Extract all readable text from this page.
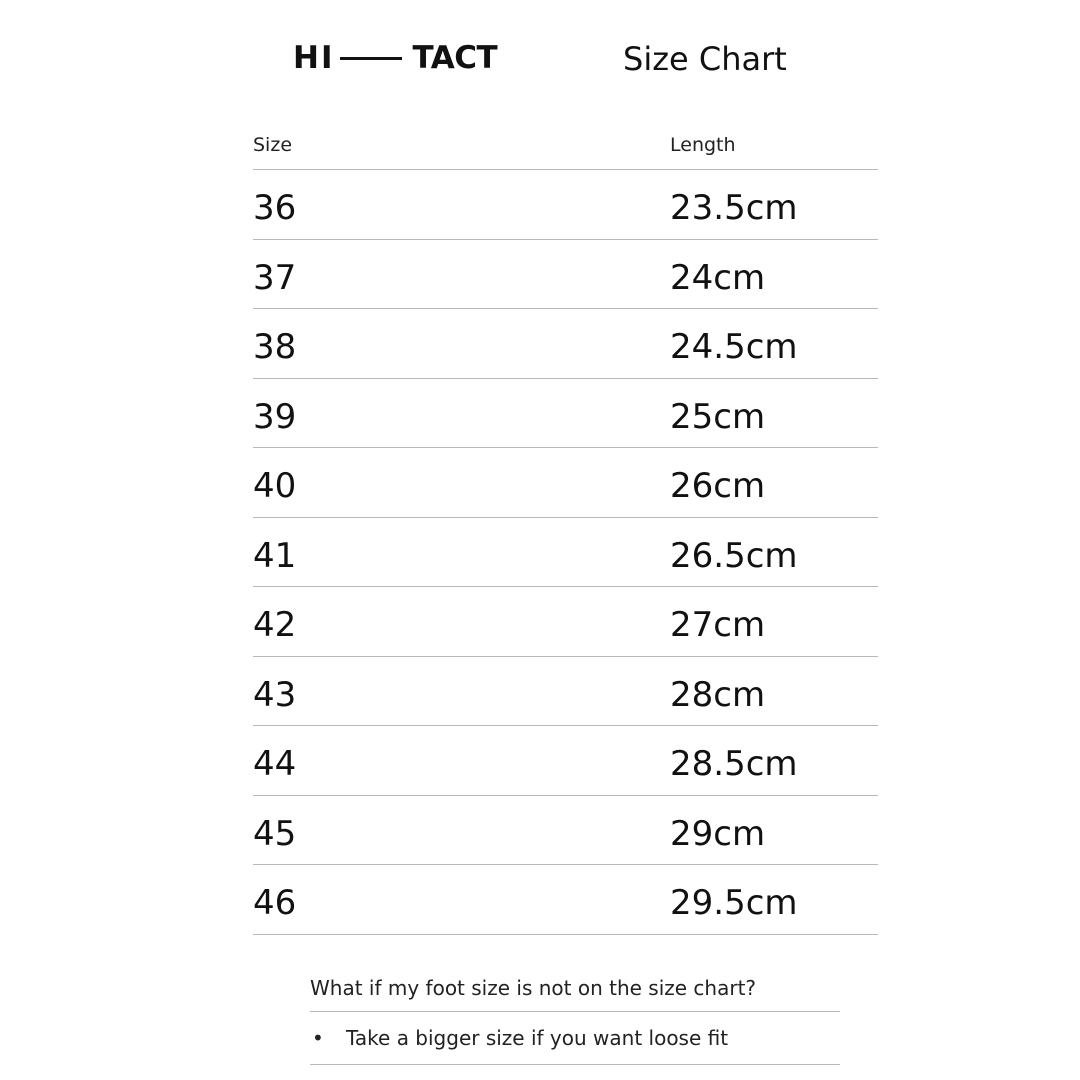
HI	TACT	Size Chart
Size	Length
36	23.5cm
37	24cm
38	24.5cm
39	25cm
40	26cm
41	26.5cm
42	27cm
43	28cm
44	28.5cm
45	29cm
46	29.5cm
What if my foot size is not on the size chart?
• Take a bigger size if you want loose fit
